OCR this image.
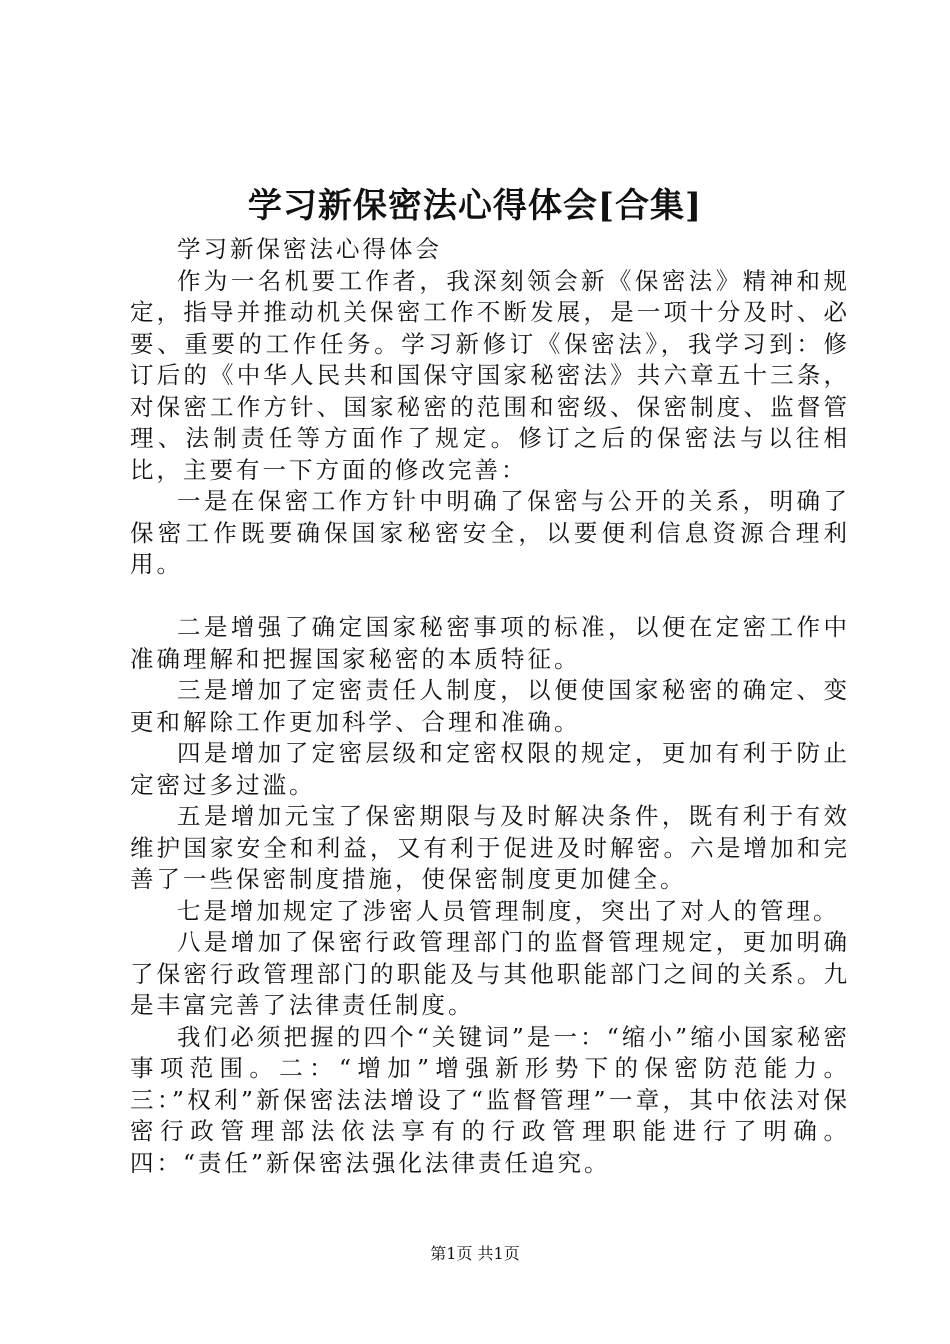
学习新保密法心得体会[合集]

学习新保密法心得体会

作为一名机要工作者，我深刻领会新《保密法》精神和规定，指导并推动机关保密工作不断发展，是一项十分及时、必要、重要的工作任务。学习新修订《保密法》，我学习到：修订后的《中华人民共和国保守国家秘密法》共六章五十三条，对保密工作方针、国家秘密的范围和密级、保密制度、监督管理、法制责任等方面作了规定。修订之后的保密法与以往相比，主要有一下方面的修改完善：

一是在保密工作方针中明确了保密与公开的关系，明确了保密工作既要确保国家秘密安全，以要便利信息资源合理利用。

二是增强了确定国家秘密事项的标准，以便在定密工作中准确理解和把握国家秘密的本质特征。

三是增加了定密责任人制度，以便使国家秘密的确定、变更和解除工作更加科学、合理和准确。

四是增加了定密层级和定密权限的规定，更加有利于防止定密过多过滥。

五是增加元宝了保密期限与及时解决条件，既有利于有效维护国家安全和利益，又有利于促进及时解密。六是增加和完善了一些保密制度措施，使保密制度更加健全。

七是增加规定了涉密人员管理制度，突出了对人的管理。

八是增加了保密行政管理部门的监督管理规定，更加明确了保密行政管理部门的职能及与其他职能部门之间的关系。九是丰富完善了法律责任制度。

我们必须把握的四个“关键词”是一：“缩小”缩小国家秘密事项范围。二：“增加”增强新形势下的保密防范能力。三：”权利”新保密法法增设了“监督管理”一章，其中依法对保密行政管理部法依法享有的行政管理职能进行了明确。四：“责任”新保密法强化法律责任追究。

第1页 共1页
